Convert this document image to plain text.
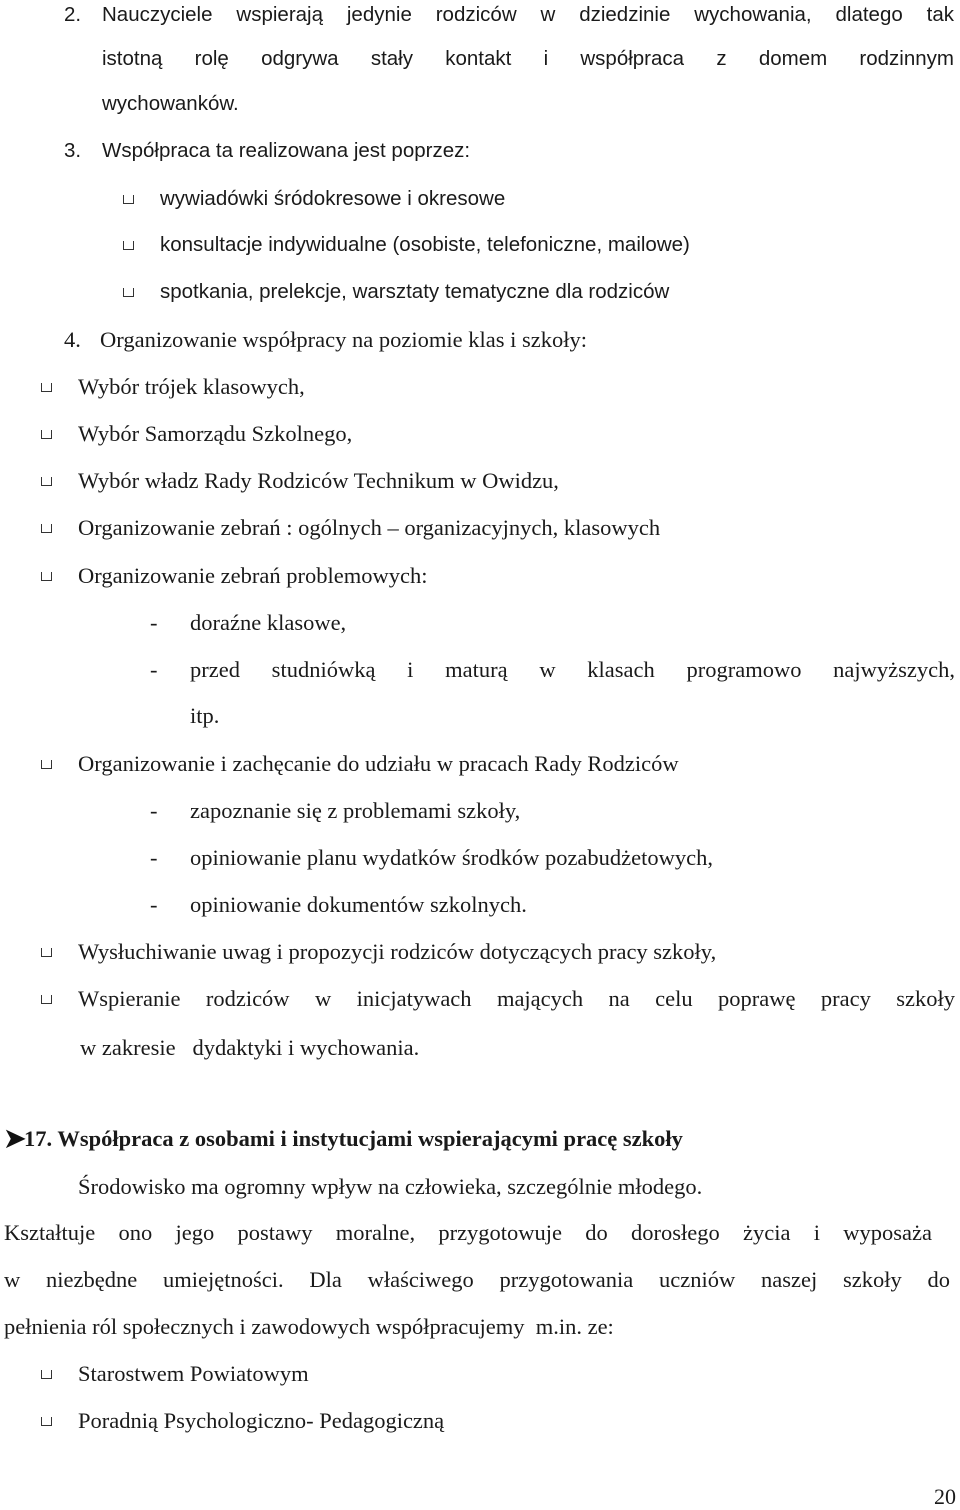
2. Nauczyciele wspierają jedynie rodziców w dziedzinie wychowania, dlatego tak
istotną rolę odgrywa stały kontakt i współpraca z domem rodzinnym
wychowanków.
3. Współpraca ta realizowana jest poprzez:
wywiadówki śródokresowe i okresowe
konsultacje indywidualne (osobiste, telefoniczne, mailowe)
spotkania, prelekcje, warsztaty tematyczne dla rodziców
4. Organizowanie współpracy na poziomie klas i szkoły:
Wybór trójek klasowych,
Wybór Samorządu Szkolnego,
Wybór władz Rady Rodziców Technikum w Owidzu,
Organizowanie zebrań : ogólnych – organizacyjnych, klasowych
Organizowanie zebrań problemowych:
- doraźne klasowe,
- przed studniówką i maturą w klasach programowo najwyższych,
itp.
Organizowanie i zachęcanie do udziału w pracach Rady Rodziców
- zapoznanie się z problemami szkoły,
- opiniowanie planu wydatków środków pozabudżetowych,
- opiniowanie dokumentów szkolnych.
Wysłuchiwanie uwag i propozycji rodziców dotyczących pracy szkoły,
Wspieranie rodziców w inicjatywach mających na celu poprawę pracy szkoły
w zakresie   dydaktyki i wychowania.
➤
17. Współpraca z osobami i instytucjami wspierającymi pracę szkoły
Środowisko ma ogromny wpływ na człowieka, szczególnie młodego.
Kształtuje ono jego postawy moralne, przygotowuje do dorosłego życia i wyposaża
w niezbędne umiejętności. Dla właściwego przygotowania uczniów naszej szkoły do
pełnienia ról społecznych i zawodowych współpracujemy  m.in. ze:
Starostwem Powiatowym
Poradnią Psychologiczno- Pedagogiczną
20
